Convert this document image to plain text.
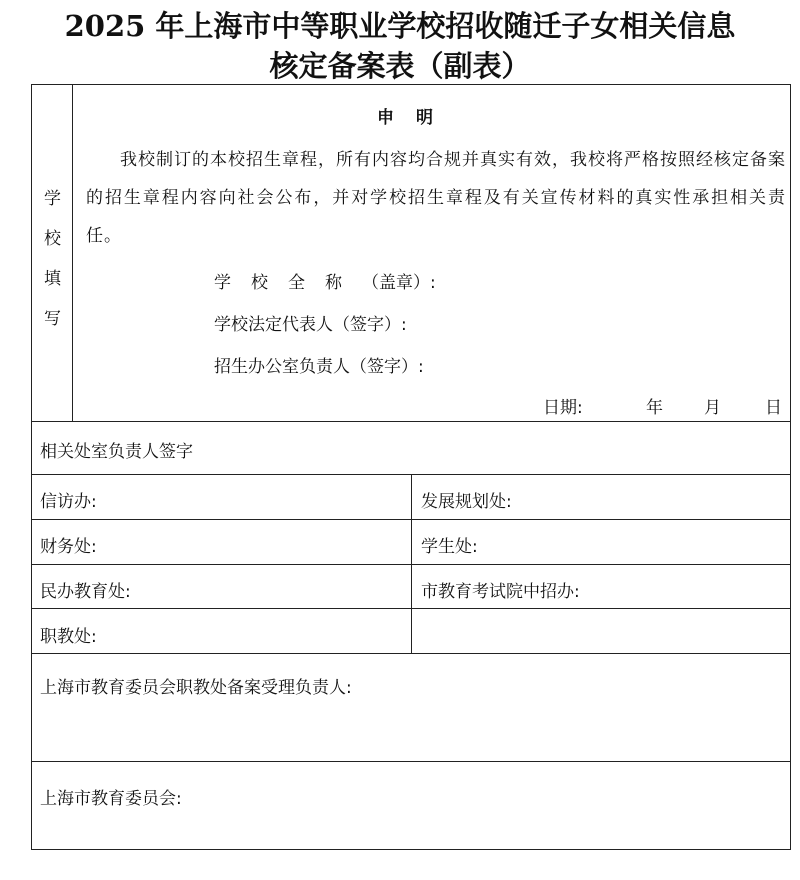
2025 年上海市中等职业学校招收随迁子女相关信息
核定备案表（副表）
学
校
填
写
申明
我校制订的本校招生章程，所有内容均合规并真实有效，我校将严格按照经核定备案的招生章程内容向社会公布，并对学校招生章程及有关宣传材料的真实性承担相关责任。
学校全称（盖章）:
学校法定代表人（签字）:
招生办公室负责人（签字）:
日期:	年 月	日
相关处室负责人签字
信访办:	发展规划处:
财务处:	学生处:
民办教育处:	市教育考试院中招办:
职教处:
上海市教育委员会职教处备案受理负责人:
上海市教育委员会:
